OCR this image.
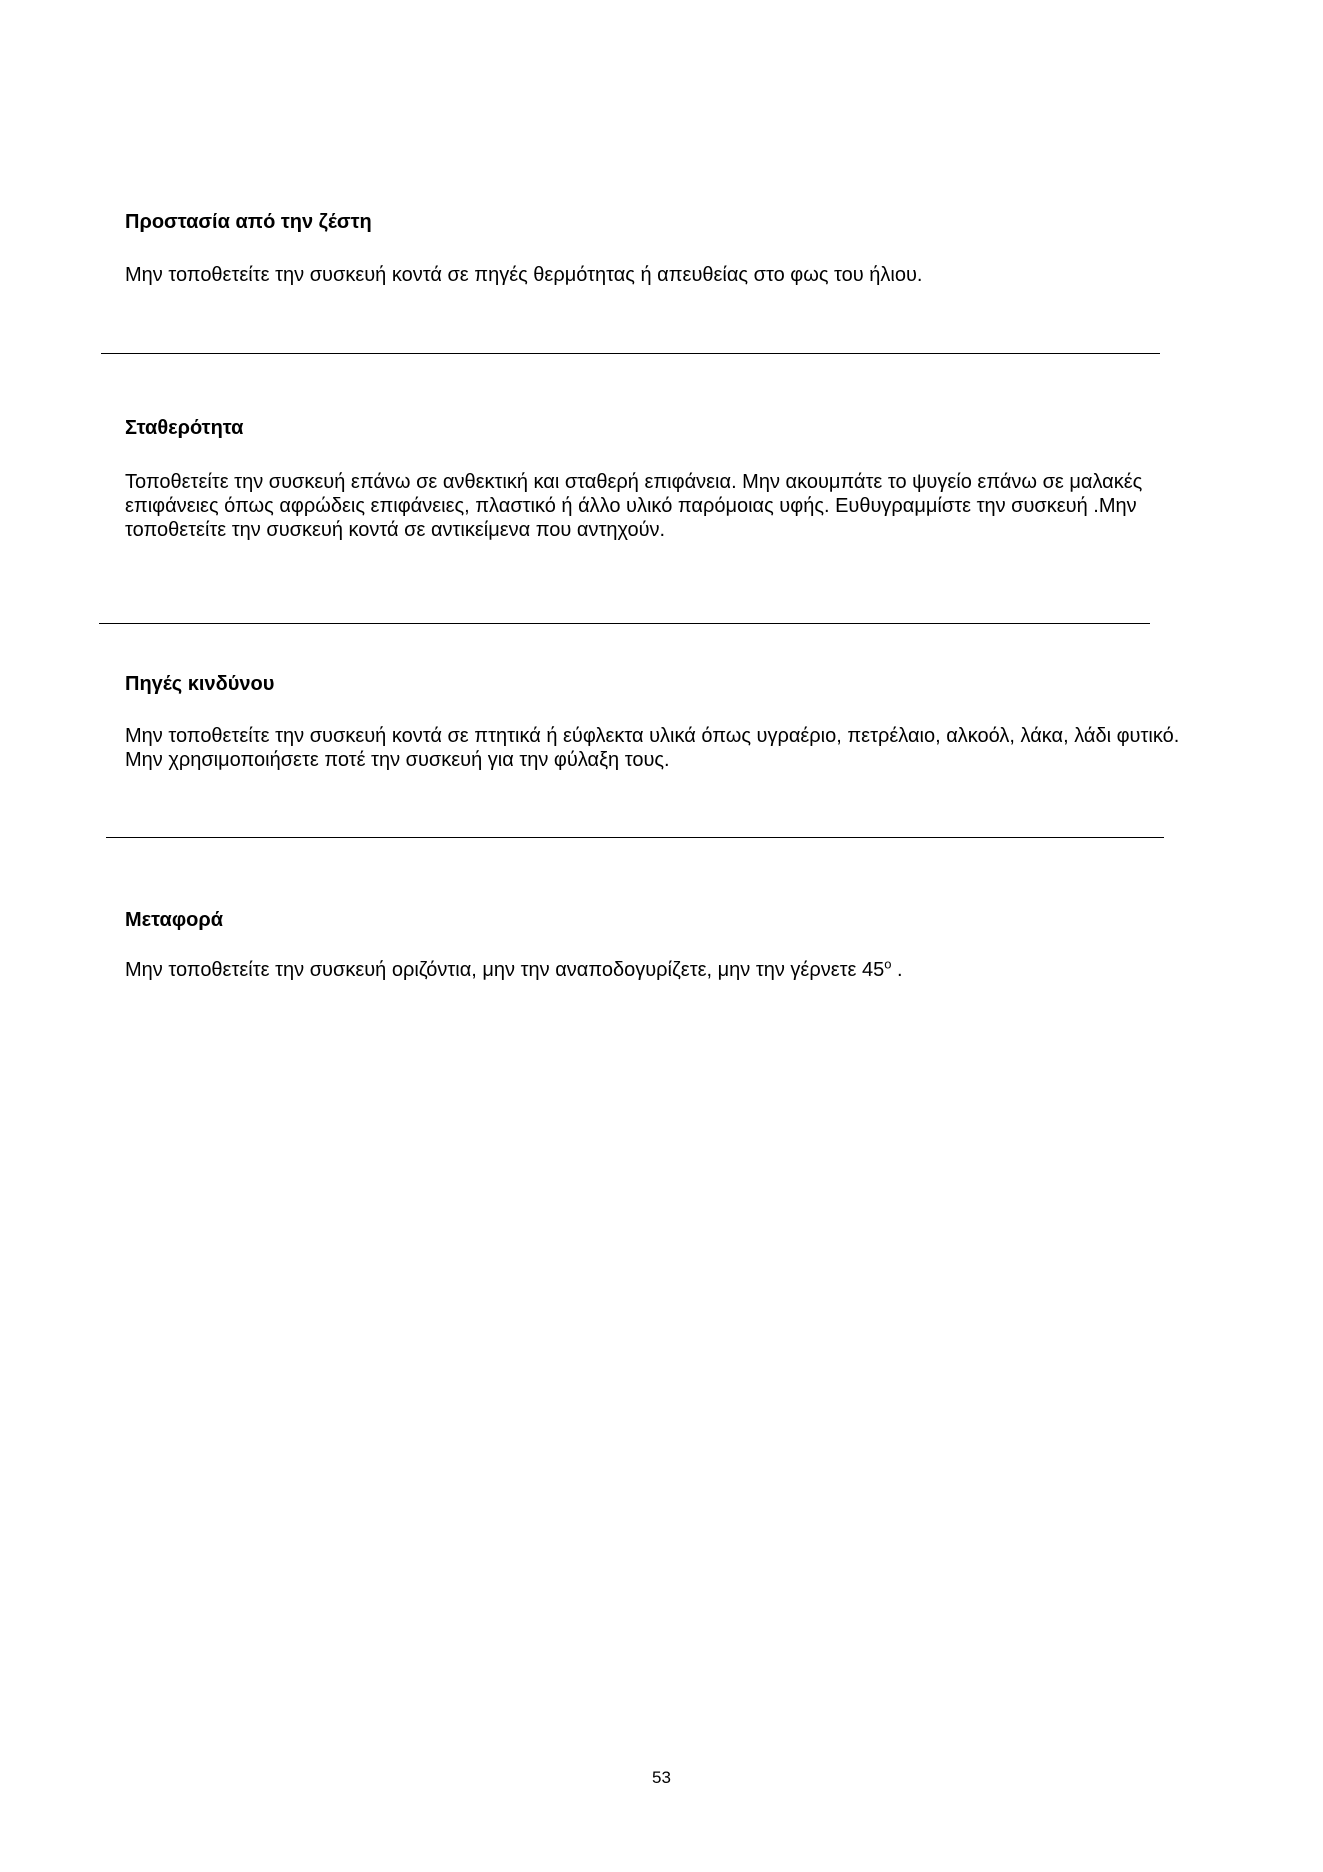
Προστασία από την ζέστη

Μην τοποθετείτε την συσκευή κοντά σε πηγές θερμότητας ή απευθείας στο φως του ήλιου.

Σταθερότητα

Τοποθετείτε την συσκευή επάνω σε ανθεκτική και σταθερή επιφάνεια. Μην ακουμπάτε το ψυγείο επάνω σε μαλακές επιφάνειες όπως αφρώδεις επιφάνειες, πλαστικό ή άλλο υλικό παρόμοιας υφής. Ευθυγραμμίστε την συσκευή .Μην τοποθετείτε την συσκευή κοντά σε αντικείμενα που αντηχούν.

Πηγές κινδύνου

Μην τοποθετείτε την συσκευή κοντά σε πτητικά ή εύφλεκτα υλικά όπως υγραέριο, πετρέλαιο, αλκοόλ, λάκα, λάδι φυτικό. Μην χρησιμοποιήσετε ποτέ την συσκευή για την φύλαξη τους.

Μεταφορά

Μην τοποθετείτε την συσκευή οριζόντια, μην την αναποδογυρίζετε, μην την γέρνετε 45$^o$ .

53
